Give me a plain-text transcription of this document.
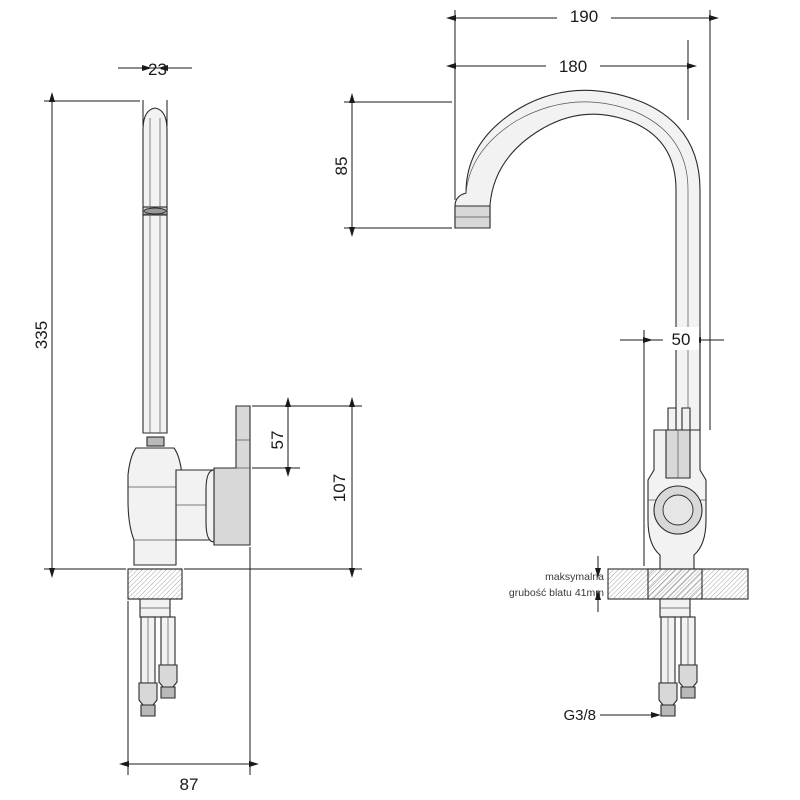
23
335
57
107
87
190
180
85
50
maksymalna
grubość blatu 41mm
G3/8
